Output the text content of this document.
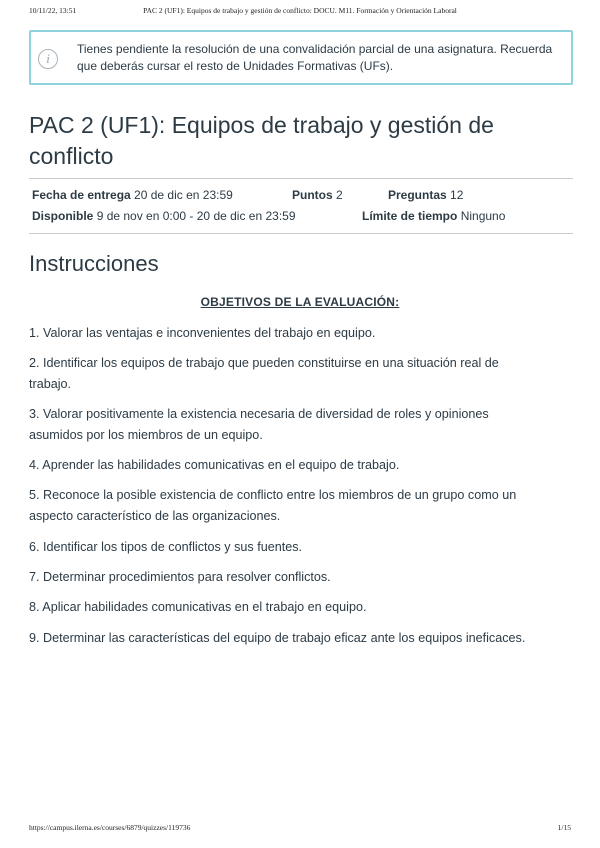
10/11/22, 13:51	PAC 2 (UF1): Equipos de trabajo y gestión de conflicto: DOCU. M11. Formación y Orientación Laboral
i
Tienes pendiente la resolución de una convalidación parcial de una asignatura. Recuerda que deberás cursar el resto de Unidades Formativas (UFs).
PAC 2 (UF1): Equipos de trabajo y gestión de conflicto
Fecha de entrega 20 de dic en 23:59	Puntos 2	Preguntas 12
Disponible 9 de nov en 0:00 - 20 de dic en 23:59	Límite de tiempo Ninguno
Instrucciones
OBJETIVOS DE LA EVALUACIÓN:
1. Valorar las ventajas e inconvenientes del trabajo en equipo.
2. Identificar los equipos de trabajo que pueden constituirse en una situación real de trabajo.
3. Valorar positivamente la existencia necesaria de diversidad de roles y opiniones asumidos por los miembros de un equipo.
4. Aprender las habilidades comunicativas en el equipo de trabajo.
5. Reconoce la posible existencia de conflicto entre los miembros de un grupo como un aspecto característico de las organizaciones.
6. Identificar los tipos de conflictos y sus fuentes.
7. Determinar procedimientos para resolver conflictos.
8. Aplicar habilidades comunicativas en el trabajo en equipo.
9. Determinar las características del equipo de trabajo eficaz ante los equipos ineficaces.
https://campus.ilerna.es/courses/6879/quizzes/119736	1/15
